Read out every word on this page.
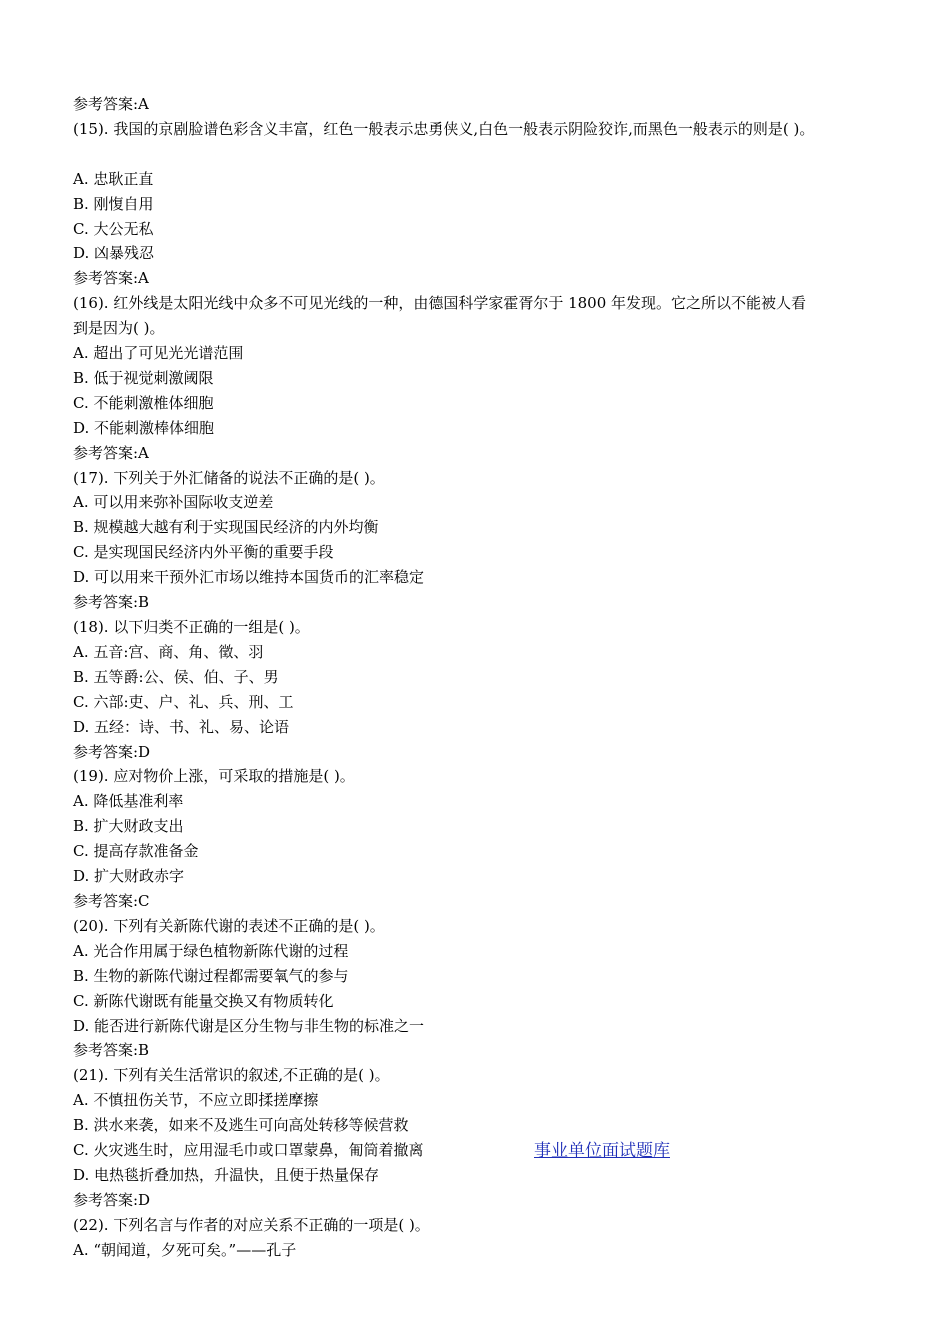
参考答案:A
(15). 我国的京剧脸谱色彩含义丰富，红色一般表示忠勇侠义,白色一般表示阴险狡诈,而黑色一般表示的则是( )。
A. 忠耿正直
B. 刚愎自用
C. 大公无私
D. 凶暴残忍
参考答案:A
(16). 红外线是太阳光线中众多不可见光线的一种，由德国科学家霍胥尔于 1800 年发现。它之所以不能被人看
到是因为( )。
A. 超出了可见光光谱范围
B. 低于视觉刺激阈限
C. 不能刺激椎体细胞
D. 不能刺激棒体细胞
参考答案:A
(17). 下列关于外汇储备的说法不正确的是( )。
A. 可以用来弥补国际收支逆差
B. 规模越大越有利于实现国民经济的内外均衡
C. 是实现国民经济内外平衡的重要手段
D. 可以用来干预外汇市场以维持本国货币的汇率稳定
参考答案:B
(18). 以下归类不正确的一组是( )。
A. 五音:宫、商、角、徵、羽
B. 五等爵:公、侯、伯、子、男
C. 六部:吏、户、礼、兵、刑、工
D. 五经：诗、书、礼、易、论语
参考答案:D
(19). 应对物价上涨，可采取的措施是( )。
A. 降低基准利率
B. 扩大财政支出
C. 提高存款准备金
D. 扩大财政赤字
参考答案:C
(20). 下列有关新陈代谢的表述不正确的是( )。
A. 光合作用属于绿色植物新陈代谢的过程
B. 生物的新陈代谢过程都需要氧气的参与
C. 新陈代谢既有能量交换又有物质转化
D. 能否进行新陈代谢是区分生物与非生物的标准之一
参考答案:B
(21). 下列有关生活常识的叙述,不正确的是( )。
A. 不慎扭伤关节，不应立即揉搓摩擦
B. 洪水来袭，如来不及逃生可向高处转移等候营救
C. 火灾逃生时，应用湿毛巾或口罩蒙鼻，匍筒着撤离
D. 电热毯折叠加热，升温快，且便于热量保存
参考答案:D
(22). 下列名言与作者的对应关系不正确的一项是( )。
A. “朝闻道，夕死可矣。”——孔子
事业单位面试题库
